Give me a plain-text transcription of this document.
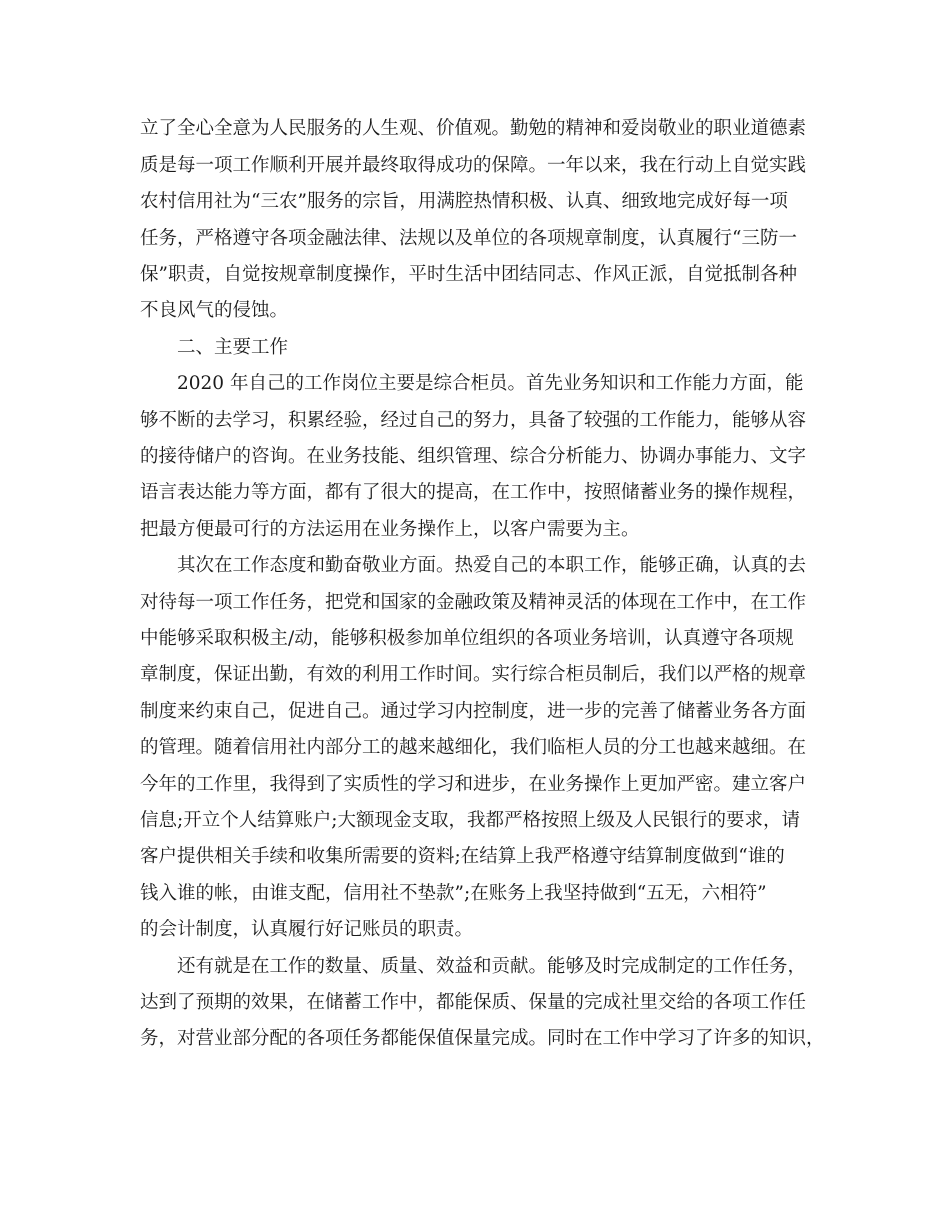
立了全心全意为人民服务的人生观、价值观。勤勉的精神和爱岗敬业的职业道德素
质是每一项工作顺利开展并最终取得成功的保障。一年以来，我在行动上自觉实践
农村信用社为“三农”服务的宗旨，用满腔热情积极、认真、细致地完成好每一项
任务，严格遵守各项金融法律、法规以及单位的各项规章制度，认真履行“三防一
保”职责，自觉按规章制度操作，平时生活中团结同志、作风正派，自觉抵制各种
不良风气的侵蚀。
二、主要工作
2020 年自己的工作岗位主要是综合柜员。首先业务知识和工作能力方面，能
够不断的去学习，积累经验，经过自己的努力，具备了较强的工作能力，能够从容
的接待储户的咨询。在业务技能、组织管理、综合分析能力、协调办事能力、文字
语言表达能力等方面，都有了很大的提高，在工作中，按照储蓄业务的操作规程，
把最方便最可行的方法运用在业务操作上，以客户需要为主。
其次在工作态度和勤奋敬业方面。热爱自己的本职工作，能够正确，认真的去
对待每一项工作任务，把党和国家的金融政策及精神灵活的体现在工作中，在工作
中能够采取积极主/动，能够积极参加单位组织的各项业务培训，认真遵守各项规
章制度，保证出勤，有效的利用工作时间。实行综合柜员制后，我们以严格的规章
制度来约束自己，促进自己。通过学习内控制度，进一步的完善了储蓄业务各方面
的管理。随着信用社内部分工的越来越细化，我们临柜人员的分工也越来越细。在
今年的工作里，我得到了实质性的学习和进步，在业务操作上更加严密。建立客户
信息;开立个人结算账户;大额现金支取，我都严格按照上级及人民银行的要求，请
客户提供相关手续和收集所需要的资料;在结算上我严格遵守结算制度做到“谁的
钱入谁的帐，由谁支配，信用社不垫款”;在账务上我坚持做到“五无，六相符”
的会计制度，认真履行好记账员的职责。
还有就是在工作的数量、质量、效益和贡献。能够及时完成制定的工作任务，
达到了预期的效果，在储蓄工作中，都能保质、保量的完成社里交给的各项工作任
务，对营业部分配的各项任务都能保值保量完成。同时在工作中学习了许多的知识，
